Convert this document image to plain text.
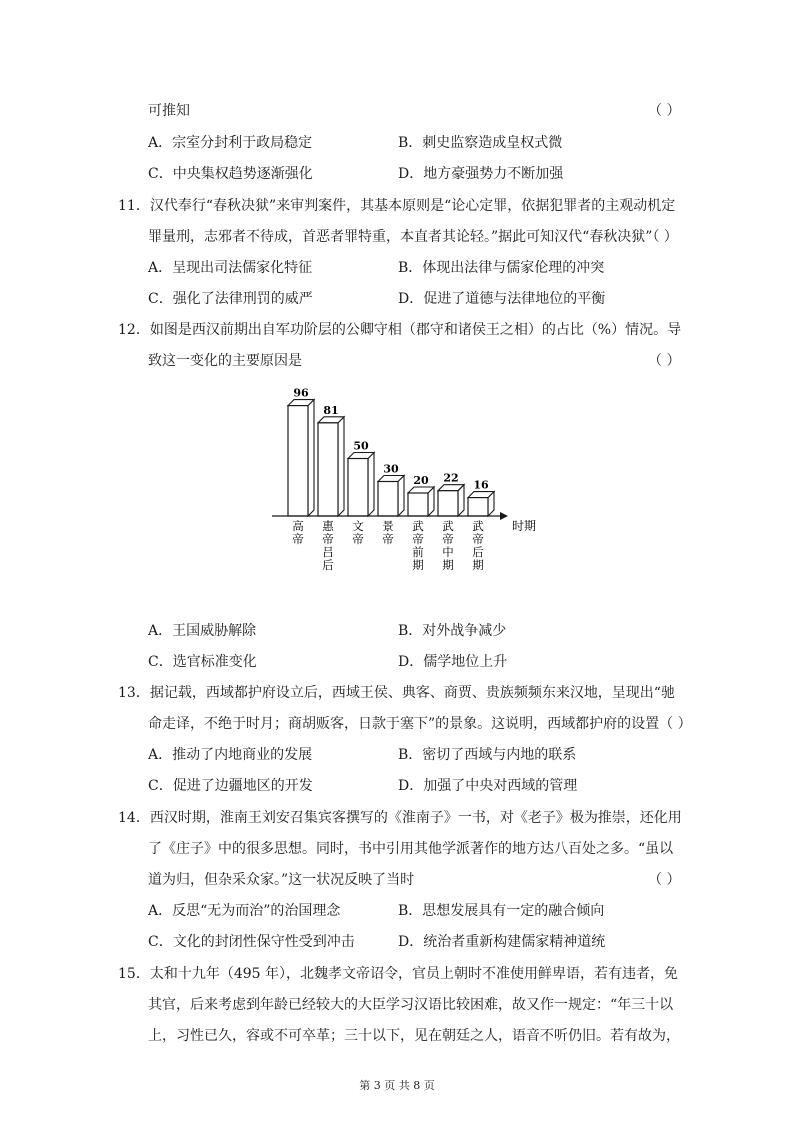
可推知	（ ）
A．宗室分封利于政局稳定	B．刺史监察造成皇权式微
C．中央集权趋势逐渐强化	D．地方豪强势力不断加强
11．汉代奉行“春秋决狱”来审判案件，其基本原则是“论心定罪，依据犯罪者的主观动机定
罪量刑，志邪者不待成，首恶者罪特重，本直者其论轻。”据此可知汉代“春秋决狱”（ ）
A．呈现出司法儒家化特征	B．体现出法律与儒家伦理的冲突
C．强化了法律刑罚的威严	D．促进了道德与法律地位的平衡
12．如图是西汉前期出自军功阶层的公卿守相（郡守和诸侯王之相）的占比（%）情况。导
致这一变化的主要原因是	（ ）
96
高
帝
81
惠
帝
吕
后
50
文
帝
30
景
帝
20
武
帝
前
期
22
武
帝
中
期
16
武
帝
后
期
时期
A．王国威胁解除	B．对外战争减少
C．选官标准变化	D．儒学地位上升
13．据记载，西域都护府设立后，西域王侯、典客、商贾、贵族频频东来汉地，呈现出“驰
命走译，不绝于时月；商胡贩客，日款于塞下”的景象。这说明，西域都护府的设置（ ）
A．推动了内地商业的发展	B．密切了西域与内地的联系
C．促进了边疆地区的开发	D．加强了中央对西域的管理
14．西汉时期，淮南王刘安召集宾客撰写的《淮南子》一书，对《老子》极为推崇，还化用
了《庄子》中的很多思想。同时，书中引用其他学派著作的地方达八百处之多。“虽以
道为归，但杂采众家。”这一状况反映了当时	（ ）
A．反思“无为而治”的治国理念	B．思想发展具有一定的融合倾向
C．文化的封闭性保守性受到冲击	D．统治者重新构建儒家精神道统
15．太和十九年（495 年），北魏孝文帝诏令，官员上朝时不准使用鲜卑语，若有违者，免
其官，后来考虑到年龄已经较大的大臣学习汉语比较困难，故又作一规定：“年三十以
上，习性已久，容或不可卒革；三十以下，见在朝廷之人，语音不听仍旧。若有故为，
第 3 页 共 8 页
